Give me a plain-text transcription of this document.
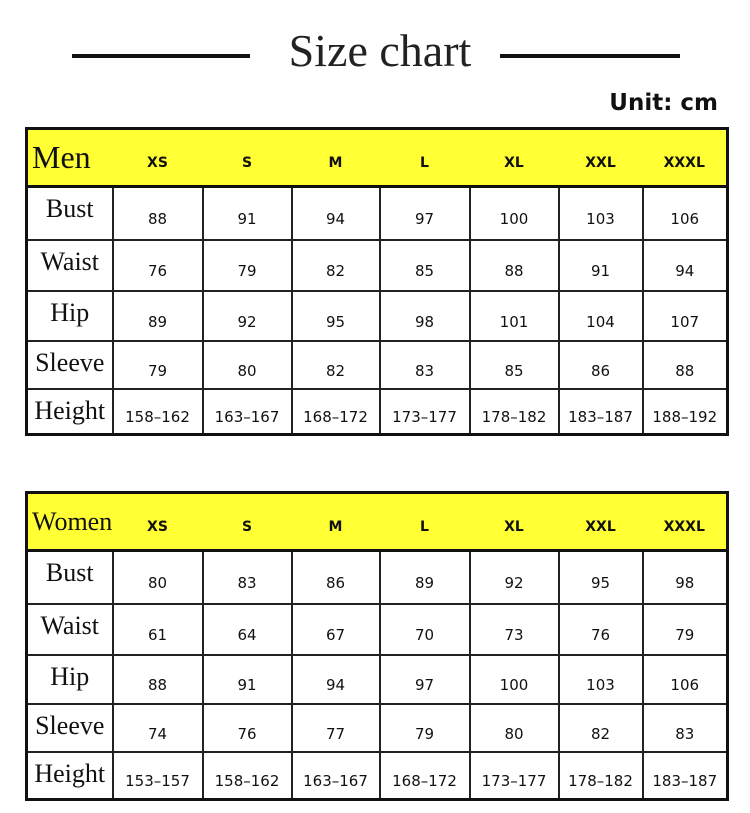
Size chart
Unit: cm
Men	XS	S	M	L	XL	XXL	XXXL
Bust	88	91	94	97	100	103	106
Waist	76	79	82	85	88	91	94
Hip	89	92	95	98	101	104	107
Sleeve	79	80	82	83	85	86	88
Height	158–162	163–167	168–172	173–177	178–182	183–187	188–192
Women	XS	S	M	L	XL	XXL	XXXL
Bust	80	83	86	89	92	95	98
Waist	61	64	67	70	73	76	79
Hip	88	91	94	97	100	103	106
Sleeve	74	76	77	79	80	82	83
Height	153–157	158–162	163–167	168–172	173–177	178–182	183–187
